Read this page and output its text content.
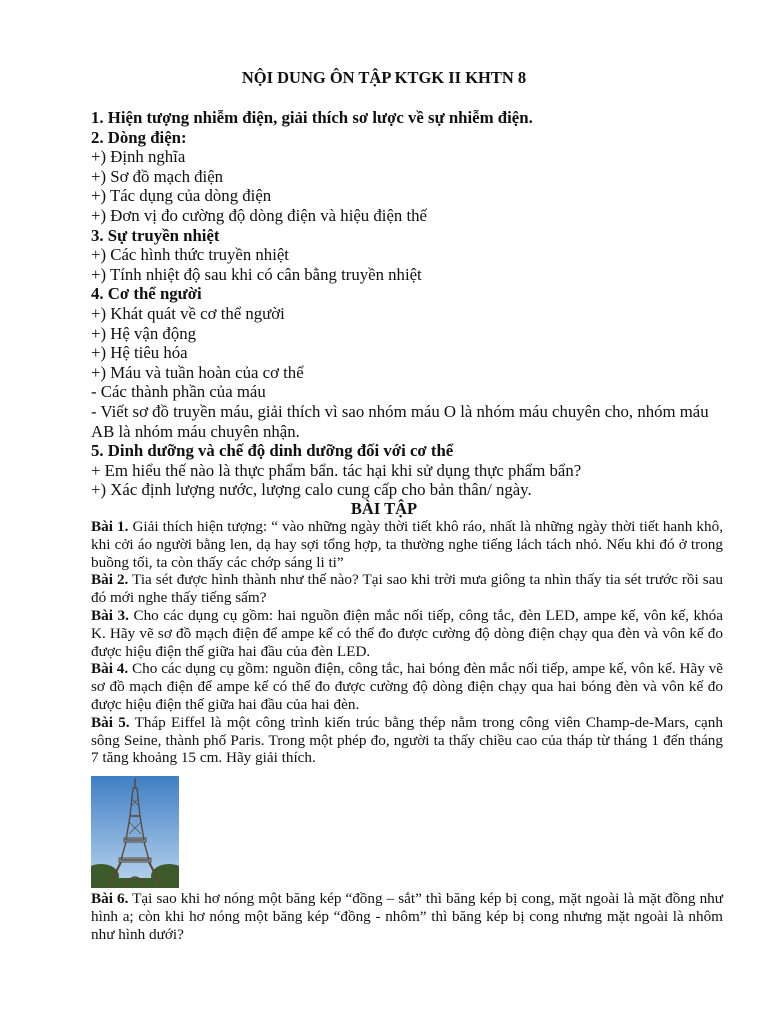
NỘI DUNG ÔN TẬP KTGK II KHTN 8

1. Hiện tượng nhiễm điện, giải thích sơ lược về sự nhiễm điện.

2. Dòng điện:

+) Định nghĩa

+) Sơ đồ mạch điện

+) Tác dụng của dòng điện

+) Đơn vị đo cường độ dòng điện và hiệu điện thế

3. Sự truyền nhiệt

+) Các hình thức truyền nhiệt

+) Tính nhiệt độ sau khi có cân bằng truyền nhiệt

4. Cơ thể người

+) Khát quát về cơ thể người

+) Hệ vận động

+) Hệ tiêu hóa

+) Máu và tuần hoàn của cơ thể

- Các thành phần của máu

- Viết sơ đồ truyền máu, giải thích vì sao nhóm máu O là nhóm máu chuyên cho, nhóm máu AB là nhóm máu chuyên nhận.

5. Dinh dưỡng và chế độ dinh dưỡng đối với cơ thể

+ Em hiểu thế nào là thực phẩm bẩn. tác hại khi sử dụng thực phẩm bẩn?

+) Xác định lượng nước, lượng calo cung cấp cho bản thân/ ngày.

BÀI TẬP

Bài 1. Giải thích hiện tượng: “ vào những ngày thời tiết khô ráo, nhất là những ngày thời tiết hanh khô, khi cởi áo người bằng len, dạ hay sợi tổng hợp, ta thường nghe tiếng lách tách nhỏ. Nếu khi đó ở trong buồng tối, ta còn thấy các chớp sáng li ti”

Bài 2. Tia sét được hình thành như thế nào? Tại sao khi trời mưa giông ta nhìn thấy tia sét trước rồi sau đó mới nghe thấy tiếng sấm?

Bài 3. Cho các dụng cụ gồm: hai nguồn điện mắc nối tiếp, công tắc, đèn LED, ampe kế, vôn kế, khóa K. Hãy vẽ sơ đồ mạch điện để ampe kế có thể đo được cường độ dòng điện chạy qua đèn và vôn kế đo được hiệu điện thế giữa hai đầu của đèn LED.

Bài 4. Cho các dụng cụ gồm: nguồn điện, công tắc, hai bóng đèn mắc nối tiếp, ampe kế, vôn kế. Hãy vẽ sơ đồ mạch điện để ampe kế có thể đo được cường độ dòng điện chạy qua hai bóng đèn và vôn kế đo được hiệu điện thế giữa hai đầu của hai đèn.

Bài 5. Tháp Eiffel là một công trình kiến trúc bằng thép nằm trong công viên Champ-de-Mars, cạnh sông Seine, thành phố Paris. Trong một phép đo, người ta thấy chiều cao của tháp từ tháng 1 đến tháng 7 tăng khoảng 15 cm. Hãy giải thích.

Bài 6. Tại sao khi hơ nóng một băng kép “đồng – sắt” thì băng kép bị cong, mặt ngoài là mặt đồng như hình a; còn khi hơ nóng một băng kép “đồng - nhôm” thì băng kép bị cong nhưng mặt ngoài là nhôm như hình dưới?
